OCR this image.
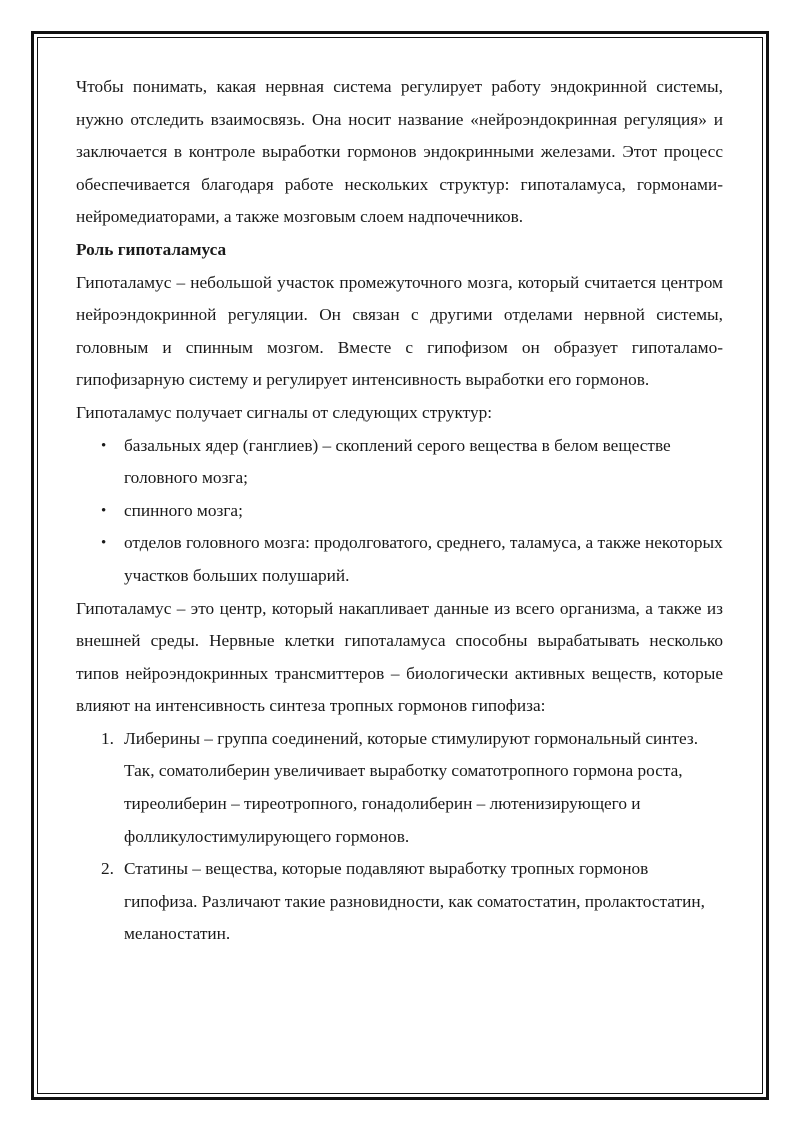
Чтобы понимать, какая нервная система регулирует работу эндокринной системы, нужно отследить взаимосвязь. Она носит название «нейроэндокринная регуляция» и заключается в контроле выработки гормонов эндокринными железами. Этот процесс обеспечивается благодаря работе нескольких структур: гипоталамуса, гормонами-нейромедиаторами, а также мозговым слоем надпочечников.

Роль гипоталамуса

Гипоталамус – небольшой участок промежуточного мозга, который считается центром нейроэндокринной регуляции. Он связан с другими отделами нервной системы, головным и спинным мозгом. Вместе с гипофизом он образует гипоталамо-гипофизарную систему и регулирует интенсивность выработки его гормонов.

Гипоталамус получает сигналы от следующих структур:

• базальных ядер (ганглиев) – скоплений серого вещества в белом веществе головного мозга;
• спинного мозга;
• отделов головного мозга: продолговатого, среднего, таламуса, а также некоторых участков больших полушарий.

Гипоталамус – это центр, который накапливает данные из всего организма, а также из внешней среды. Нервные клетки гипоталамуса способны вырабатывать несколько типов нейроэндокринных трансмиттеров – биологически активных веществ, которые влияют на интенсивность синтеза тропных гормонов гипофиза:

1. Либерины – группа соединений, которые стимулируют гормональный синтез. Так, соматолиберин увеличивает выработку соматотропного гормона роста, тиреолиберин – тиреотропного, гонадолиберин – лютенизирующего и фолликулостимулирующего гормонов.
2. Статины – вещества, которые подавляют выработку тропных гормонов гипофиза. Различают такие разновидности, как соматостатин, пролактостатин, меланостатин.
